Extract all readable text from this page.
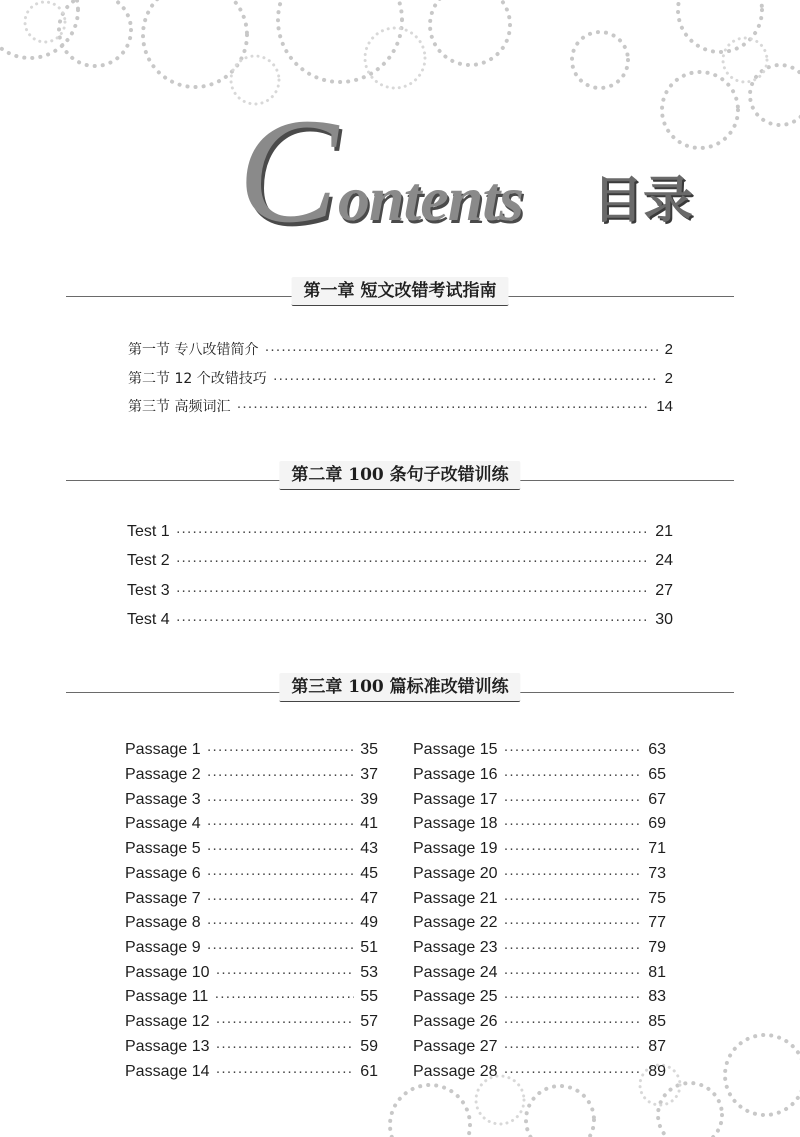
C ontents 目录
第一章 短文改错考试指南
第一节 专八改错简介 ·····	2
第二节 12 个改错技巧 ·····	2
第三节 高频词汇 ·····	14
第二章 100 条句子改错训练
Test 1 ·····	21
Test 2 ·····	24
Test 3 ·····	27
Test 4 ·····	30
第三章 100 篇标准改错训练
Passage 1 ·····	35
Passage 2 ·····	37
Passage 3 ·····	39
Passage 4 ·····	41
Passage 5 ·····	43
Passage 6 ·····	45
Passage 7 ·····	47
Passage 8 ·····	49
Passage 9 ·····	51
Passage 10 ·····	53
Passage 11 ·····	55
Passage 12 ·····	57
Passage 13 ·····	59
Passage 14 ·····	61
Passage 15 ·····	63
Passage 16 ·····	65
Passage 17 ·····	67
Passage 18 ·····	69
Passage 19 ·····	71
Passage 20 ·····	73
Passage 21 ·····	75
Passage 22 ·····	77
Passage 23 ·····	79
Passage 24 ·····	81
Passage 25 ·····	83
Passage 26 ·····	85
Passage 27 ·····	87
Passage 28 ·····	89
